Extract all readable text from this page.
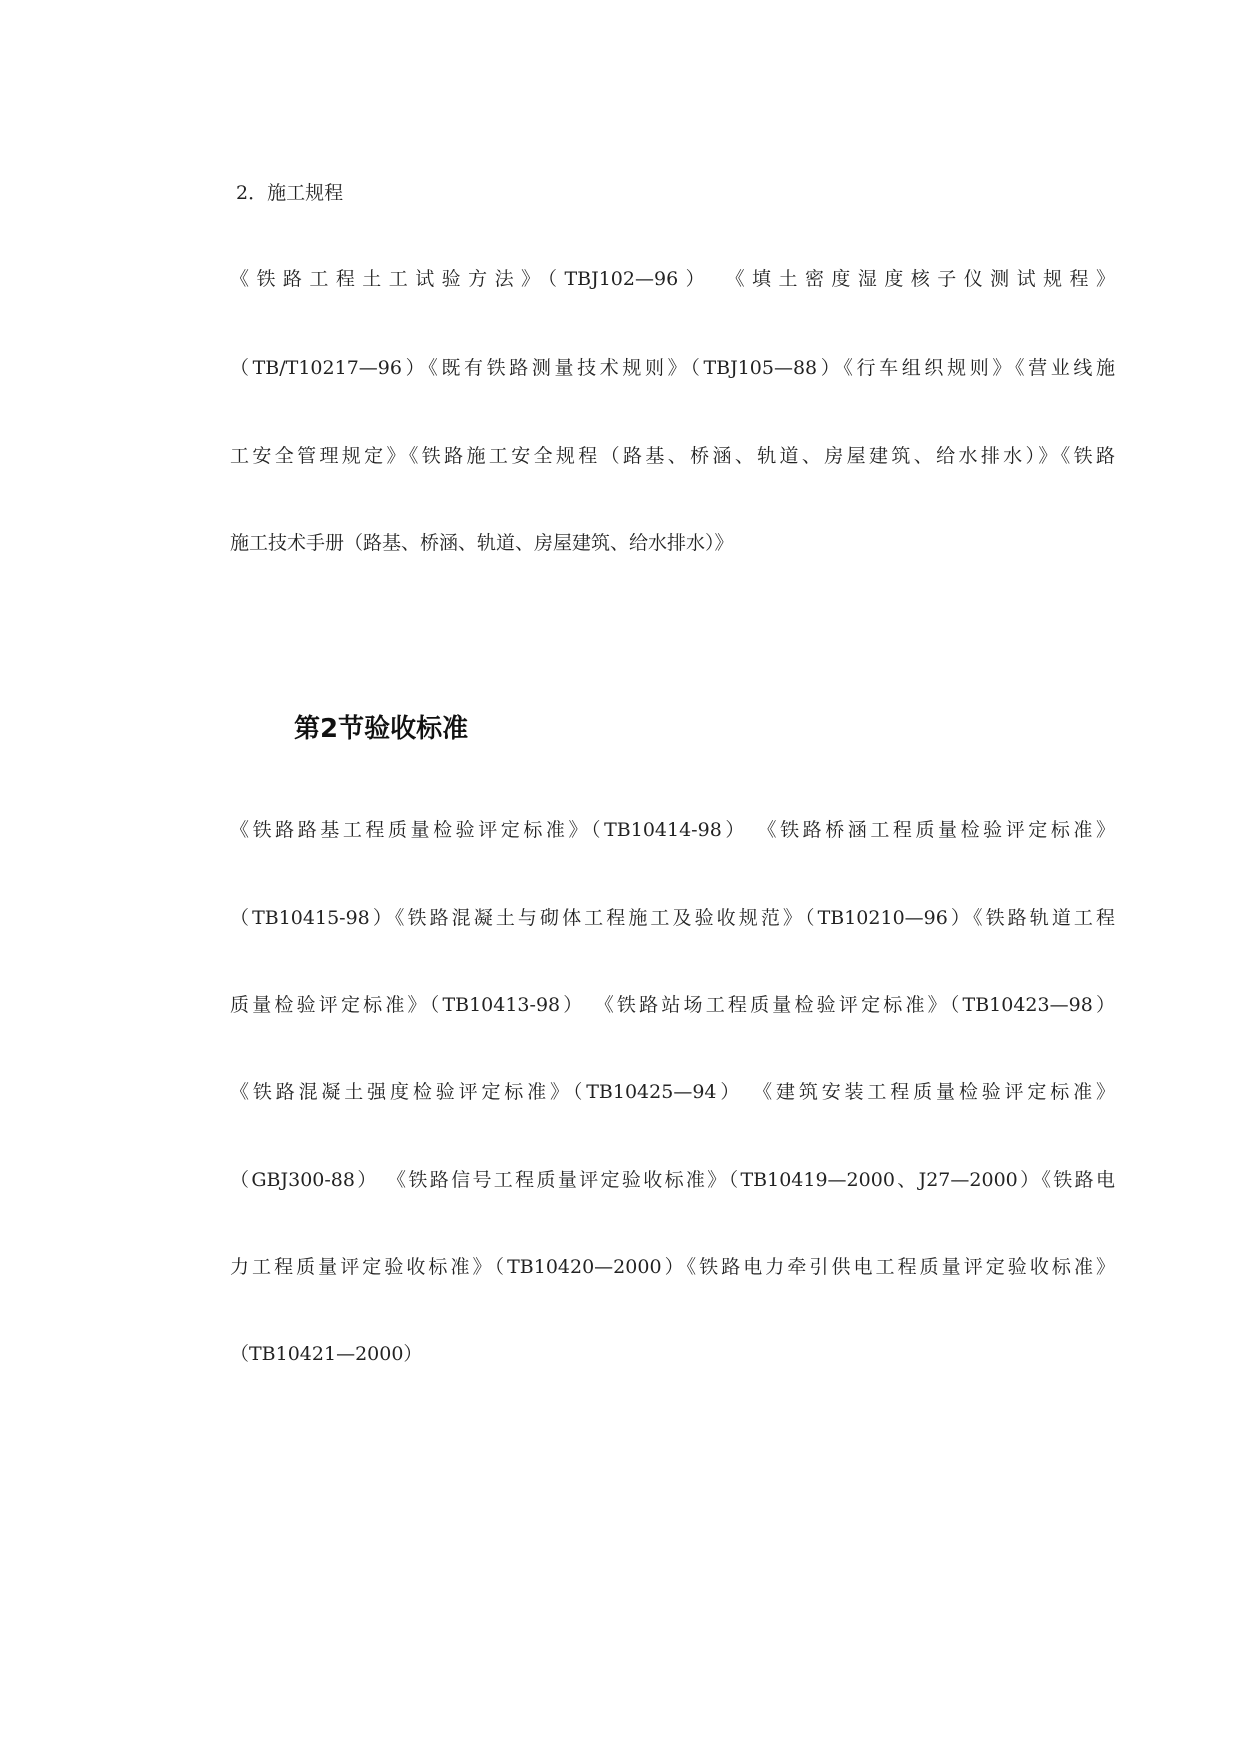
2．施工规程
《铁路工程土工试验方法》（TBJ102—96） 《填土密度湿度核子仪测试规程》
（TB/T10217—96）《既有铁路测量技术规则》（TBJ105—88）《行车组织规则》《营业线施
工安全管理规定》《铁路施工安全规程（路基、桥涵、轨道、房屋建筑、给水排水）》《铁路
施工技术手册（路基、桥涵、轨道、房屋建筑、给水排水）》
第2节验收标准
《铁路路基工程质量检验评定标准》（TB10414-98） 《铁路桥涵工程质量检验评定标准》
（TB10415-98）《铁路混凝土与砌体工程施工及验收规范》（TB10210—96）《铁路轨道工程
质量检验评定标准》（TB10413-98） 《铁路站场工程质量检验评定标准》（TB10423—98）
《铁路混凝土强度检验评定标准》（TB10425—94） 《建筑安装工程质量检验评定标准》
（GBJ300-88） 《铁路信号工程质量评定验收标准》（TB10419—2000、J27—2000）《铁路电
力工程质量评定验收标准》（TB10420—2000）《铁路电力牵引供电工程质量评定验收标准》
（TB10421—2000）
